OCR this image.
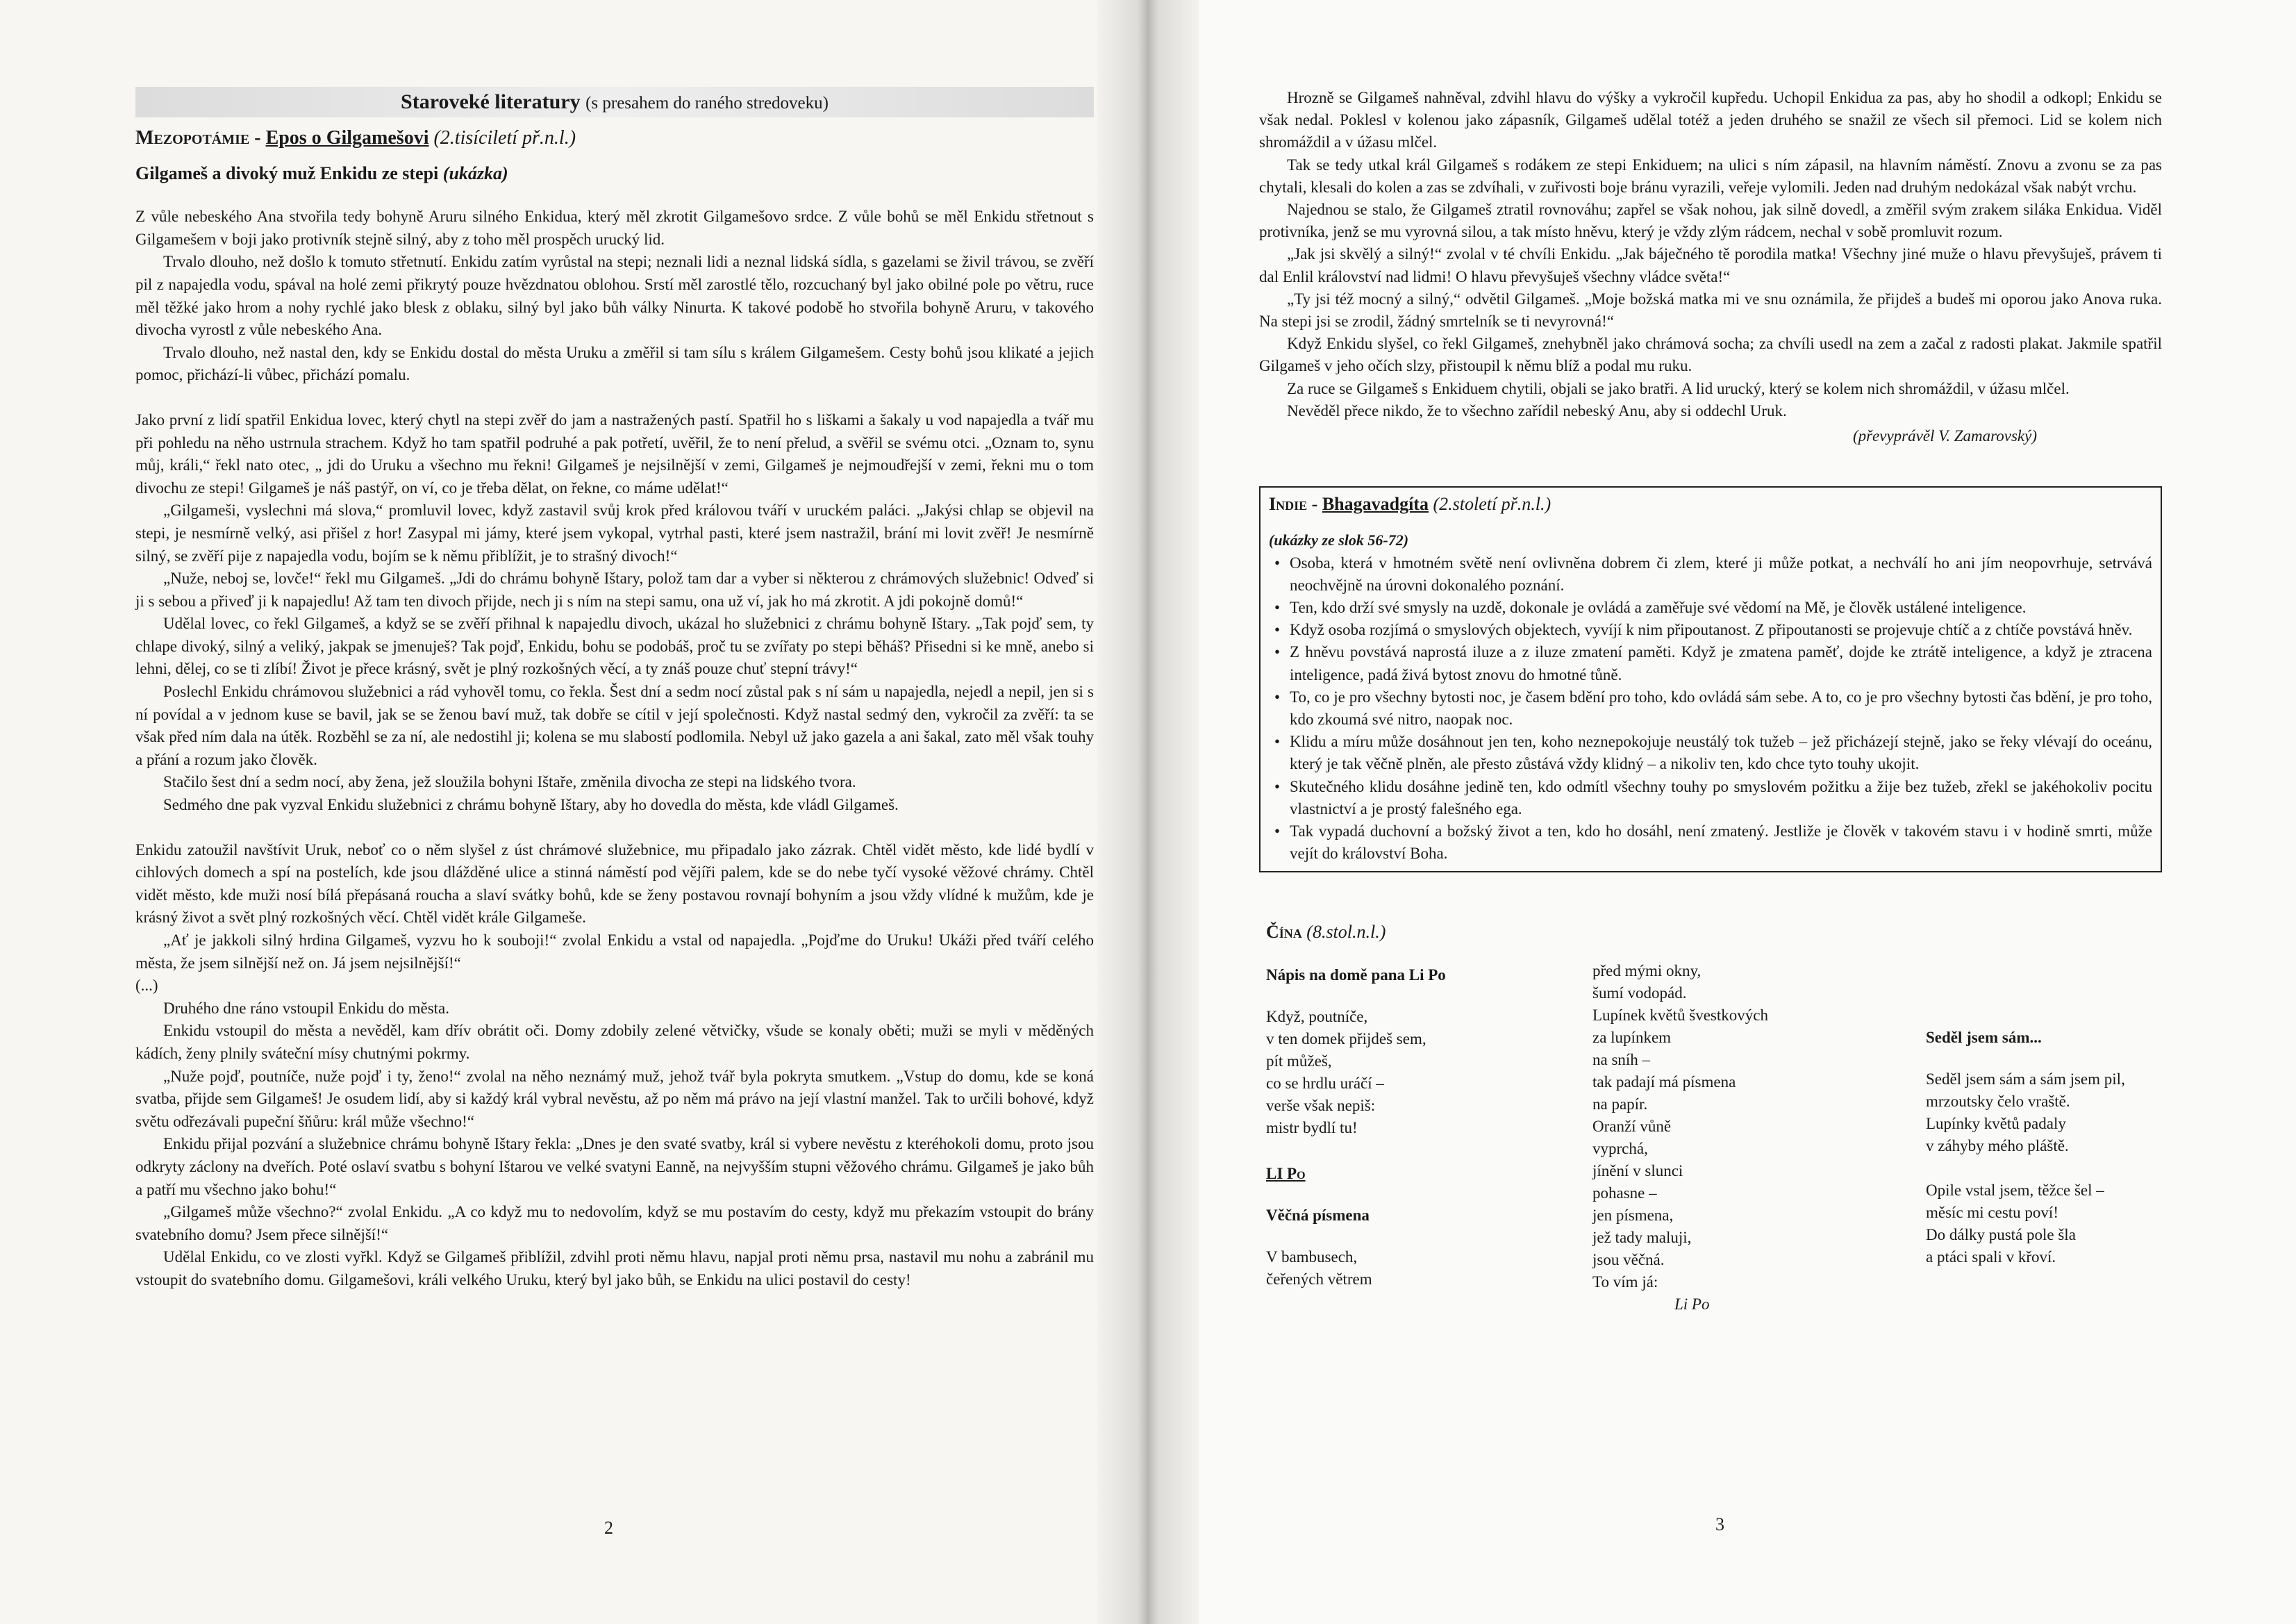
Staroveké literatury (s presahem do raného stredoveku)
Mezopotámie - Epos o Gilgamešovi (2.tisíciletí př.n.l.)
Gilgameš a divoký muž Enkidu ze stepi (ukázka)

Z vůle nebeského Ana stvořila tedy bohyně Aruru silného Enkidua, který měl zkrotit Gilgamešovo srdce. Z vůle bohů se měl Enkidu střetnout s Gilgamešem v boji jako protivník stejně silný, aby z toho měl prospěch urucký lid.

Trvalo dlouho, než došlo k tomuto střetnutí. Enkidu zatím vyrůstal na stepi; neznali lidi a neznal lidská sídla, s gazelami se živil trávou, se zvěří pil z napajedla vodu, spával na holé zemi přikrytý pouze hvězdnatou oblohou. Srstí měl zarostlé tělo, rozcuchaný byl jako obilné pole po větru, ruce měl těžké jako hrom a nohy rychlé jako blesk z oblaku, silný byl jako bůh války Ninurta. K takové podobě ho stvořila bohyně Aruru, v takového divocha vyrostl z vůle nebeského Ana.

Trvalo dlouho, než nastal den, kdy se Enkidu dostal do města Uruku a změřil si tam sílu s králem Gilgamešem. Cesty bohů jsou klikaté a jejich pomoc, přichází-li vůbec, přichází pomalu.

Jako první z lidí spatřil Enkidua lovec, který chytl na stepi zvěř do jam a nastražených pastí. Spatřil ho s liškami a šakaly u vod napajedla a tvář mu při pohledu na něho ustrnula strachem. Když ho tam spatřil podruhé a pak potřetí, uvěřil, že to není přelud, a svěřil se svému otci. „Oznam to, synu můj, králi,“ řekl nato otec, „ jdi do Uruku a všechno mu řekni! Gilgameš je nejsilnější v zemi, Gilgameš je nejmoudřejší v zemi, řekni mu o tom divochu ze stepi! Gilgameš je náš pastýř, on ví, co je třeba dělat, on řekne, co máme udělat!“

„Gilgameši, vyslechni má slova,“ promluvil lovec, když zastavil svůj krok před královou tváří v uruckém paláci. „Jakýsi chlap se objevil na stepi, je nesmírně velký, asi přišel z hor! Zasypal mi jámy, které jsem vykopal, vytrhal pasti, které jsem nastražil, brání mi lovit zvěř! Je nesmírně silný, se zvěří pije z napajedla vodu, bojím se k němu přiblížit, je to strašný divoch!“

„Nuže, neboj se, lovče!“ řekl mu Gilgameš. „Jdi do chrámu bohyně Ištary, polož tam dar a vyber si některou z chrámových služebnic! Odveď si ji s sebou a přiveď ji k napajedlu! Až tam ten divoch přijde, nech ji s ním na stepi samu, ona už ví, jak ho má zkrotit. A jdi pokojně domů!“

Udělal lovec, co řekl Gilgameš, a když se se zvěří přihnal k napajedlu divoch, ukázal ho služebnici z chrámu bohyně Ištary. „Tak pojď sem, ty chlape divoký, silný a veliký, jakpak se jmenuješ? Tak pojď, Enkidu, bohu se podobáš, proč tu se zvířaty po stepi běháš? Přisedni si ke mně, anebo si lehni, dělej, co se ti zlíbí! Život je přece krásný, svět je plný rozkošných věcí, a ty znáš pouze chuť stepní trávy!“

Poslechl Enkidu chrámovou služebnici a rád vyhověl tomu, co řekla. Šest dní a sedm nocí zůstal pak s ní sám u napajedla, nejedl a nepil, jen si s ní povídal a v jednom kuse se bavil, jak se se ženou baví muž, tak dobře se cítil v její společnosti. Když nastal sedmý den, vykročil za zvěří: ta se však před ním dala na útěk. Rozběhl se za ní, ale nedostihl ji; kolena se mu slabostí podlomila. Nebyl už jako gazela a ani šakal, zato měl však touhy a přání a rozum jako člověk.

Stačilo šest dní a sedm nocí, aby žena, jež sloužila bohyni Ištaře, změnila divocha ze stepi na lidského tvora.

Sedmého dne pak vyzval Enkidu služebnici z chrámu bohyně Ištary, aby ho dovedla do města, kde vládl Gilgameš.

Enkidu zatoužil navštívit Uruk, neboť co o něm slyšel z úst chrámové služebnice, mu připadalo jako zázrak. Chtěl vidět město, kde lidé bydlí v cihlových domech a spí na postelích, kde jsou dlážděné ulice a stinná náměstí pod vějíři palem, kde se do nebe tyčí vysoké věžové chrámy. Chtěl vidět město, kde muži nosí bílá přepásaná roucha a slaví svátky bohů, kde se ženy postavou rovnají bohyním a jsou vždy vlídné k mužům, kde je krásný život a svět plný rozkošných věcí. Chtěl vidět krále Gilgameše.

„Ať je jakkoli silný hrdina Gilgameš, vyzvu ho k souboji!“ zvolal Enkidu a vstal od napajedla. „Pojďme do Uruku! Ukáži před tváří celého města, že jsem silnější než on. Já jsem nejsilnější!“

(...)

Druhého dne ráno vstoupil Enkidu do města.

Enkidu vstoupil do města a nevěděl, kam dřív obrátit oči. Domy zdobily zelené větvičky, všude se konaly oběti; muži se myli v měděných kádích, ženy plnily sváteční mísy chutnými pokrmy.

„Nuže pojď, poutníče, nuže pojď i ty, ženo!“ zvolal na něho neznámý muž, jehož tvář byla pokryta smutkem. „Vstup do domu, kde se koná svatba, přijde sem Gilgameš! Je osudem lidí, aby si každý král vybral nevěstu, až po něm má právo na její vlastní manžel. Tak to určili bohové, když světu odřezávali pupeční šňůru: král může všechno!“

Enkidu přijal pozvání a služebnice chrámu bohyně Ištary řekla: „Dnes je den svaté svatby, král si vybere nevěstu z kteréhokoli domu, proto jsou odkryty záclony na dveřích. Poté oslaví svatbu s bohyní Ištarou ve velké svatyni Eanně, na nejvyšším stupni věžového chrámu. Gilgameš je jako bůh a patří mu všechno jako bohu!“

„Gilgameš může všechno?“ zvolal Enkidu. „A co když mu to nedovolím, když se mu postavím do cesty, když mu překazím vstoupit do brány svatebního domu? Jsem přece silnější!“

Udělal Enkidu, co ve zlosti vyřkl. Když se Gilgameš přiblížil, zdvihl proti němu hlavu, napjal proti němu prsa, nastavil mu nohu a zabránil mu vstoupit do svatebního domu. Gilgamešovi, králi velkého Uruku, který byl jako bůh, se Enkidu na ulici postavil do cesty!

2

Hrozně se Gilgameš nahněval, zdvihl hlavu do výšky a vykročil kupředu. Uchopil Enkidua za pas, aby ho shodil a odkopl; Enkidu se však nedal. Poklesl v kolenou jako zápasník, Gilgameš udělal totéž a jeden druhého se snažil ze všech sil přemoci. Lid se kolem nich shromáždil a v úžasu mlčel.

Tak se tedy utkal král Gilgameš s rodákem ze stepi Enkiduem; na ulici s ním zápasil, na hlavním náměstí. Znovu a zvonu se za pas chytali, klesali do kolen a zas se zdvíhali, v zuřivosti boje bránu vyrazili, veřeje vylomili. Jeden nad druhým nedokázal však nabýt vrchu.

Najednou se stalo, že Gilgameš ztratil rovnováhu; zapřel se však nohou, jak silně dovedl, a změřil svým zrakem siláka Enkidua. Viděl protivníka, jenž se mu vyrovná silou, a tak místo hněvu, který je vždy zlým rádcem, nechal v sobě promluvit rozum.

„Jak jsi skvělý a silný!“ zvolal v té chvíli Enkidu. „Jak báječného tě porodila matka! Všechny jiné muže o hlavu převyšuješ, právem ti dal Enlil království nad lidmi! O hlavu převyšuješ všechny vládce světa!“

„Ty jsi též mocný a silný,“ odvětil Gilgameš. „Moje božská matka mi ve snu oznámila, že přijdeš a budeš mi oporou jako Anova ruka. Na stepi jsi se zrodil, žádný smrtelník se ti nevyrovná!“

Když Enkidu slyšel, co řekl Gilgameš, znehybněl jako chrámová socha; za chvíli usedl na zem a začal z radosti plakat. Jakmile spatřil Gilgameš v jeho očích slzy, přistoupil k němu blíž a podal mu ruku.

Za ruce se Gilgameš s Enkiduem chytili, objali se jako bratři. A lid urucký, který se kolem nich shromáždil, v úžasu mlčel.

Nevěděl přece nikdo, že to všechno zařídil nebeský Anu, aby si oddechl Uruk.

(převyprávěl V. Zamarovský)
Indie - Bhagavadgíta (2.století př.n.l.)
(ukázky ze slok 56-72)
• Osoba, která v hmotném světě není ovlivněna dobrem či zlem, které ji může potkat, a nechválí ho ani jím neopovrhuje, setrvává neochvějně na úrovni dokonalého poznání.
• Ten, kdo drží své smysly na uzdě, dokonale je ovládá a zaměřuje své vědomí na Mě, je člověk ustálené inteligence.
• Když osoba rozjímá o smyslových objektech, vyvíjí k nim připoutanost. Z připoutanosti se projevuje chtíč a z chtíče povstává hněv.
• Z hněvu povstává naprostá iluze a z iluze zmatení paměti. Když je zmatena paměť, dojde ke ztrátě inteligence, a když je ztracena inteligence, padá živá bytost znovu do hmotné tůně.
• To, co je pro všechny bytosti noc, je časem bdění pro toho, kdo ovládá sám sebe. A to, co je pro všechny bytosti čas bdění, je pro toho, kdo zkoumá své nitro, naopak noc.
• Klidu a míru může dosáhnout jen ten, koho neznepokojuje neustálý tok tužeb – jež přicházejí stejně, jako se řeky vlévají do oceánu, který je tak věčně plněn, ale přesto zůstává vždy klidný – a nikoliv ten, kdo chce tyto touhy ukojit.
• Skutečného klidu dosáhne jedině ten, kdo odmítl všechny touhy po smyslovém požitku a žije bez tužeb, zřekl se jakéhokoliv pocitu vlastnictví a je prostý falešného ega.
• Tak vypadá duchovní a božský život a ten, kdo ho dosáhl, není zmatený. Jestliže je člověk v takovém stavu i v hodině smrti, může vejít do království Boha.
Čína (8.stol.n.l.)
Nápis na domě pana Li Po
Když, poutníče,
v ten domek přijdeš sem,
pít můžeš,
co se hrdlu uráčí –
verše však nepiš:
mistr bydlí tu!
LI Po
Věčná písmena
V bambusech,
čeřených větrem
před mými okny,
šumí vodopád.
Lupínek květů švestkových
za lupínkem
na sníh –
tak padají má písmena
na papír.
Oranží vůně
vyprchá,
jínění v slunci
pohasne –
jen písmena,
jež tady maluji,
jsou věčná.
To vím já:
Li Po
Seděl jsem sám...
Seděl jsem sám a sám jsem pil,
mrzoutsky čelo vraště.
Lupínky květů padaly
v záhyby mého pláště.

Opile vstal jsem, těžce šel –
měsíc mi cestu poví!
Do dálky pustá pole šla
a ptáci spali v křoví.
3
